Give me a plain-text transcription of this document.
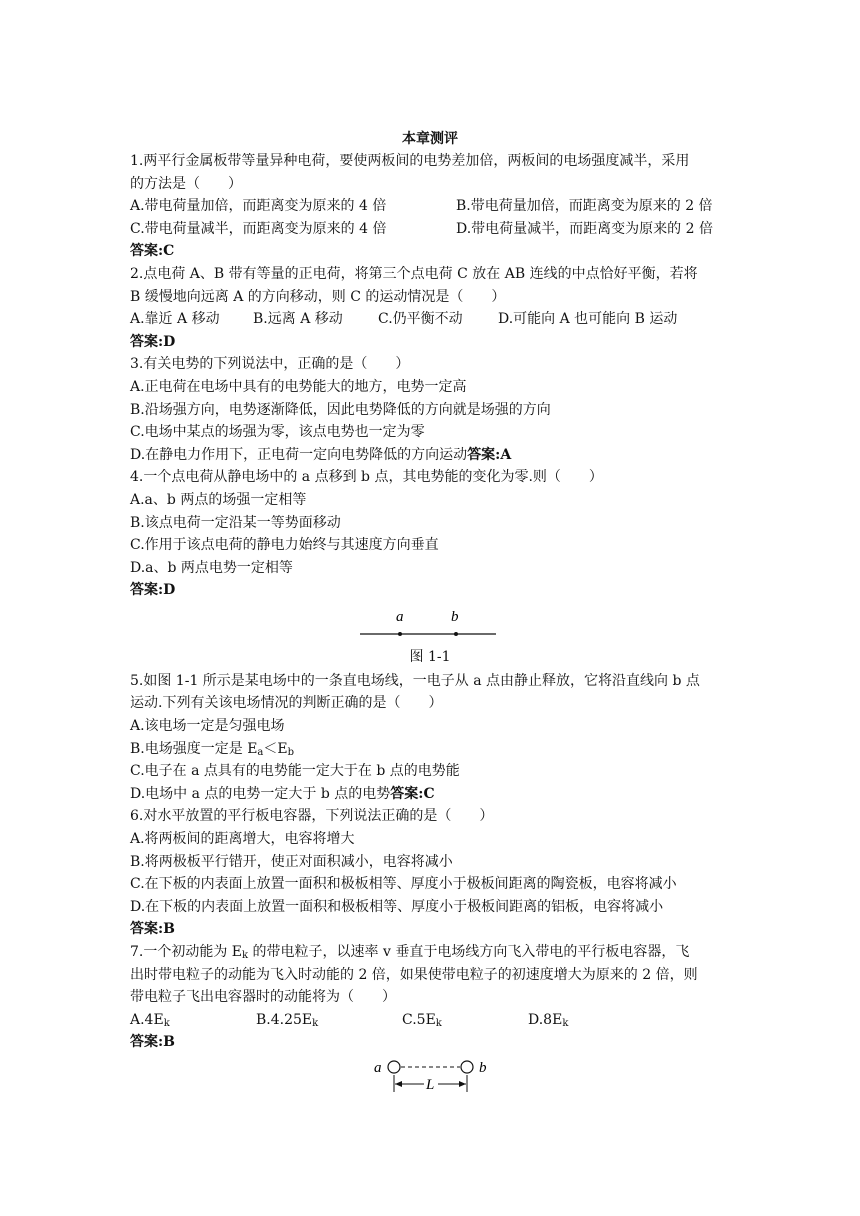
本章测评
1.两平行金属板带等量异种电荷，要使两板间的电势差加倍，两板间的电场强度减半，采用
的方法是（　　）
A.带电荷量加倍，而距离变为原来的 4 倍	B.带电荷量加倍，而距离变为原来的 2 倍
C.带电荷量减半，而距离变为原来的 4 倍	D.带电荷量减半，而距离变为原来的 2 倍
答案:C
2.点电荷 A、B 带有等量的正电荷，将第三个点电荷 C 放在 AB 连线的中点恰好平衡，若将
B 缓慢地向远离 A 的方向移动，则 C 的运动情况是（　　）
A.靠近 A 移动	B.远离 A 移动	C.仍平衡不动	D.可能向 A 也可能向 B 运动
答案:D
3.有关电势的下列说法中，正确的是（　　）
A.正电荷在电场中具有的电势能大的地方，电势一定高
B.沿场强方向，电势逐渐降低，因此电势降低的方向就是场强的方向
C.电场中某点的场强为零，该点电势也一定为零
D.在静电力作用下，正电荷一定向电势降低的方向运动答案:A
4.一个点电荷从静电场中的 a 点移到 b 点，其电势能的变化为零.则（　　）
A.a、b 两点的场强一定相等
B.该点电荷一定沿某一等势面移动
C.作用于该点电荷的静电力始终与其速度方向垂直
D.a、b 两点电势一定相等
答案:D
a	b
图 1-1
5.如图 1-1 所示是某电场中的一条直电场线，一电子从 a 点由静止释放，它将沿直线向 b 点
运动.下列有关该电场情况的判断正确的是（　　）
A.该电场一定是匀强电场
B.电场强度一定是 $E_a<E_b$
C.电子在 a 点具有的电势能一定大于在 b 点的电势能
D.电场中 a 点的电势一定大于 b 点的电势答案:C
6.对水平放置的平行板电容器，下列说法正确的是（　　）
A.将两板间的距离增大，电容将增大
B.将两极板平行错开，使正对面积减小，电容将减小
C.在下板的内表面上放置一面积和极板相等、厚度小于极板间距离的陶瓷板，电容将减小
D.在下板的内表面上放置一面积和极板相等、厚度小于极板间距离的铝板，电容将减小
答案:B
7.一个初动能为 $E_k$ 的带电粒子，以速率 v 垂直于电场线方向飞入带电的平行板电容器，飞
出时带电粒子的动能为飞入时动能的 2 倍，如果使带电粒子的初速度增大为原来的 2 倍，则
带电粒子飞出电容器时的动能将为（　　）
$A.4E_k$	$B.4.25E_k$	$C.5E_k$	$D.8E_k$
答案:B
a	b
L
